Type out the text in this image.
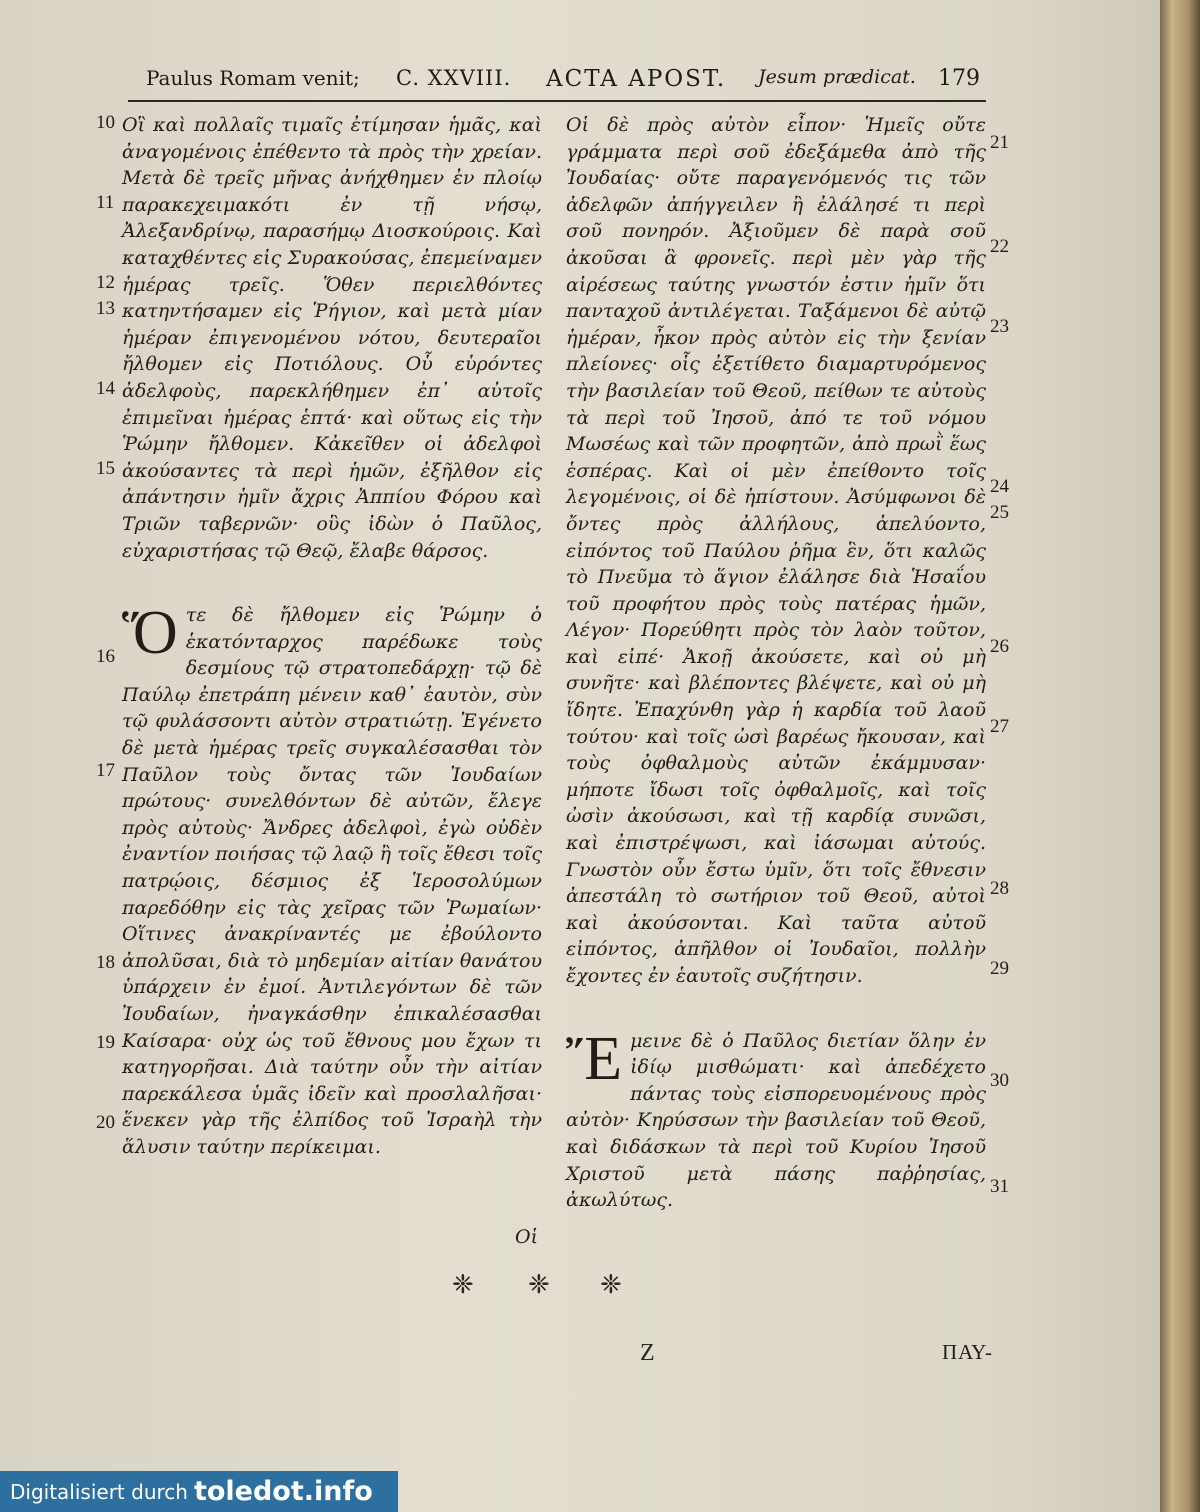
Paulus Romam venit; C. XXVIII. ACTA APOST. Jesum prædicat. 179
10
11
12
13
14
15
16
17
18
19
20

Οἳ καὶ πολλαῖς τιμαῖς ἐτίμησαν ἡμᾶς, καὶ ἀναγομένοις ἐπέθεντο τὰ πρὸς τὴν χρείαν. Μετὰ δὲ τρεῖς μῆνας ἀνήχθημεν ἐν πλοίῳ παρακεχειμακότι ἐν τῇ νήσῳ, Ἀλεξανδρίνῳ, παρασήμῳ Διοσκούροις. Καὶ καταχθέντες εἰς Συρακούσας, ἐπεμείναμεν ἡμέρας τρεῖς. Ὅθεν περιελθόντες κατηντήσαμεν εἰς Ῥήγιον, καὶ μετὰ μίαν ἡμέραν ἐπιγενομένου νότου, δευτεραῖοι ἤλθομεν εἰς Ποτιόλους. Οὗ εὑρόντες ἀδελφοὺς, παρεκλήθημεν ἐπ᾽ αὐτοῖς ἐπιμεῖναι ἡμέρας ἑπτά· καὶ οὕτως εἰς τὴν Ῥώμην ἤλθομεν. Κἀκεῖθεν οἱ ἀδελφοὶ ἀκούσαντες τὰ περὶ ἡμῶν, ἐξῆλθον εἰς ἀπάντησιν ἡμῖν ἄχρις Ἀππίου Φόρου καὶ Τριῶν ταβερνῶν· οὓς ἰδὼν ὁ Παῦλος, εὐχαριστήσας τῷ Θεῷ, ἔλαβε θάρσος.

Ὅτε δὲ ἤλθομεν εἰς Ῥώμην ὁ ἑκατόνταρχος παρέδωκε τοὺς δεσμίους τῷ στρατοπεδάρχῃ· τῷ δὲ Παύλῳ ἐπετράπη μένειν καθ᾽ ἑαυτὸν, σὺν τῷ φυλάσσοντι αὐτὸν στρατιώτῃ. Ἐγένετο δὲ μετὰ ἡμέρας τρεῖς συγκαλέσασθαι τὸν Παῦλον τοὺς ὄντας τῶν Ἰουδαίων πρώτους· συνελθόντων δὲ αὐτῶν, ἔλεγε πρὸς αὐτοὺς· Ἄνδρες ἀδελφοὶ, ἐγὼ οὐδὲν ἐναντίον ποιήσας τῷ λαῷ ἢ τοῖς ἔθεσι τοῖς πατρῴοις, δέσμιος ἐξ Ἱεροσολύμων παρεδόθην εἰς τὰς χεῖρας τῶν Ῥωμαίων· Οἵτινες ἀνακρίναντές με ἐβούλοντο ἀπολῦσαι, διὰ τὸ μηδεμίαν αἰτίαν θανάτου ὑπάρχειν ἐν ἐμοί. Ἀντιλεγόντων δὲ τῶν Ἰουδαίων, ἠναγκάσθην ἐπικαλέσασθαι Καίσαρα· οὐχ ὡς τοῦ ἔθνους μου ἔχων τι κατηγορῆσαι. Διὰ ταύτην οὖν τὴν αἰτίαν παρεκάλεσα ὑμᾶς ἰδεῖν καὶ προσλαλῆσαι· ἕνεκεν γὰρ τῆς ἐλπίδος τοῦ Ἰσραὴλ τὴν ἅλυσιν ταύτην περίκειμαι.

Οἱ
21
22
23
24
25
26
27
28
29
30
31

Οἱ δὲ πρὸς αὐτὸν εἶπον· Ἡμεῖς οὔτε γράμματα περὶ σοῦ ἐδεξάμεθα ἀπὸ τῆς Ἰουδαίας· οὔτε παραγενόμενός τις τῶν ἀδελφῶν ἀπήγγειλεν ἢ ἐλάλησέ τι περὶ σοῦ πονηρόν. Ἀξιοῦμεν δὲ παρὰ σοῦ ἀκοῦσαι ἃ φρονεῖς. περὶ μὲν γὰρ τῆς αἱρέσεως ταύτης γνωστόν ἐστιν ἡμῖν ὅτι πανταχοῦ ἀντιλέγεται. Ταξάμενοι δὲ αὐτῷ ἡμέραν, ἧκον πρὸς αὐτὸν εἰς τὴν ξενίαν πλείονες· οἷς ἐξετίθετο διαμαρτυρόμενος τὴν βασιλείαν τοῦ Θεοῦ, πείθων τε αὐτοὺς τὰ περὶ τοῦ Ἰησοῦ, ἀπό τε τοῦ νόμου Μωσέως καὶ τῶν προφητῶν, ἀπὸ πρωῒ ἕως ἑσπέρας. Καὶ οἱ μὲν ἐπείθοντο τοῖς λεγομένοις, οἱ δὲ ἠπίστουν. Ἀσύμφωνοι δὲ ὄντες πρὸς ἀλλήλους, ἀπελύοντο, εἰπόντος τοῦ Παύλου ῥῆμα ἓν, ὅτι καλῶς τὸ Πνεῦμα τὸ ἅγιον ἐλάλησε διὰ Ἡσαΐου τοῦ προφήτου πρὸς τοὺς πατέρας ἡμῶν, Λέγον· Πορεύθητι πρὸς τὸν λαὸν τοῦτον, καὶ εἰπέ· Ἀκοῇ ἀκούσετε, καὶ οὐ μὴ συνῆτε· καὶ βλέποντες βλέψετε, καὶ οὐ μὴ ἴδητε. Ἐπαχύνθη γὰρ ἡ καρδία τοῦ λαοῦ τούτου· καὶ τοῖς ὠσὶ βαρέως ἤκουσαν, καὶ τοὺς ὀφθαλμοὺς αὐτῶν ἐκάμμυσαν· μήποτε ἴδωσι τοῖς ὀφθαλμοῖς, καὶ τοῖς ὠσὶν ἀκούσωσι, καὶ τῇ καρδίᾳ συνῶσι, καὶ ἐπιστρέψωσι, καὶ ἰάσωμαι αὐτούς. Γνωστὸν οὖν ἔστω ὑμῖν, ὅτι τοῖς ἔθνεσιν ἀπεστάλη τὸ σωτήριον τοῦ Θεοῦ, αὐτοὶ καὶ ἀκούσονται. Καὶ ταῦτα αὐτοῦ εἰπόντος, ἀπῆλθον οἱ Ἰουδαῖοι, πολλὴν ἔχοντες ἐν ἑαυτοῖς συζήτησιν.

Ἔμεινε δὲ ὁ Παῦλος διετίαν ὅλην ἐν ἰδίῳ μισθώματι· καὶ ἀπεδέχετο πάντας τοὺς εἰσπορευομένους πρὸς αὐτὸν· Κηρύσσων τὴν βασιλείαν τοῦ Θεοῦ, καὶ διδάσκων τὰ περὶ τοῦ Κυρίου Ἰησοῦ Χριστοῦ μετὰ πάσης παῤῥησίας, ἀκωλύτως.

❈ ❈ ❈
Z	ΠΑΥ-
Digitalisiert durch toledot.info
